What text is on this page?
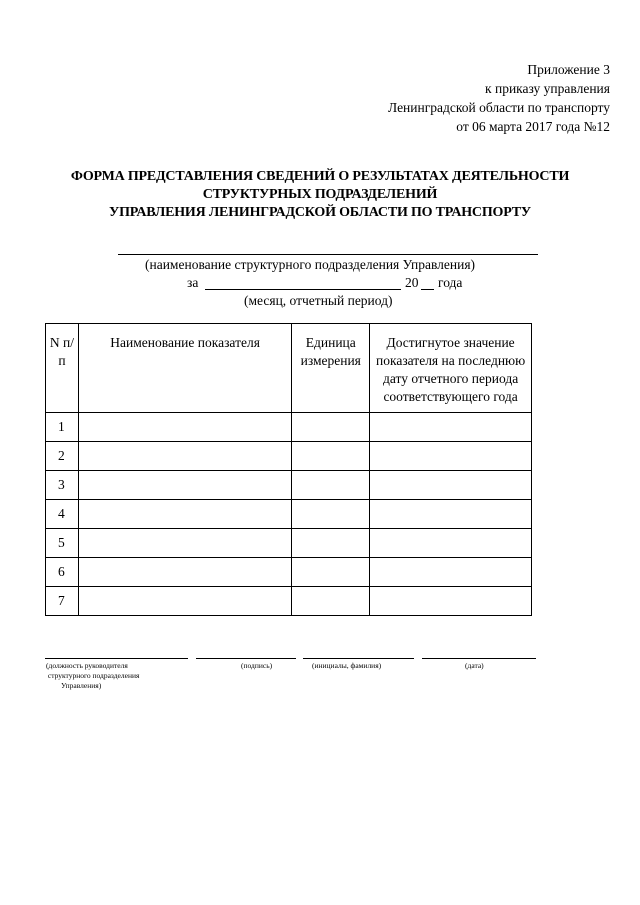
Приложение 3
к приказу управления
Ленинградской области по транспорту
от 06 марта 2017 года №12
ФОРМА ПРЕДСТАВЛЕНИЯ СВЕДЕНИЙ О РЕЗУЛЬТАТАХ ДЕЯТЕЛЬНОСТИ
СТРУКТУРНЫХ ПОДРАЗДЕЛЕНИЙ
УПРАВЛЕНИЯ ЛЕНИНГРАДСКОЙ ОБЛАСТИ ПО ТРАНСПОРТУ
(наименование структурного подразделения Управления)
за	20 года
(месяц, отчетный период)
N п/п	Наименование показателя	Единица измерения	Достигнутое значение показателя на последнюю дату отчетного периода соответствующего года
1			
2			
3			
4			
5			
6			
7			
(должность руководителя
структурного подразделения
Управления)
(подпись)	(инициалы, фамилия)	(дата)
